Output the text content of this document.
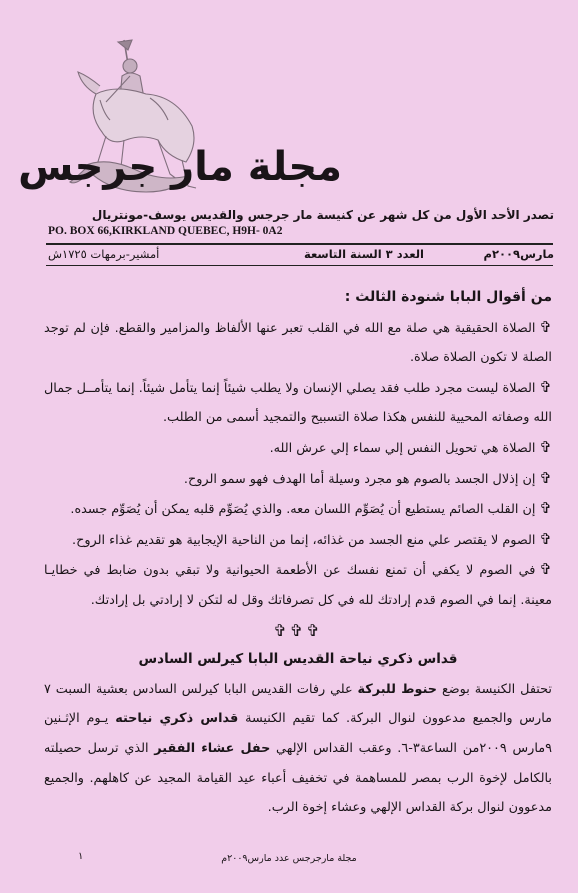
مجلة مار جرجس
تصدر الأحد الأول من كل شهر عن كنيسة مار جرجس والقديس يوسف-مونتريال
PO. BOX 66,KIRKLAND QUEBEC, H9H- 0A2
مارس٢٠٠٩م
العدد ٣ السنة التاسعة
أمشير-برمهات ١٧٢٥ش

من أقوال البابا شنودة الثالث :

✞الصلاة الحقيقية هي صلة مع الله في القلب تعبر عنها الألفاظ والمزامير والقطع. فإن لم توجد الصلة لا تكون الصلاة صلاة.

✞الصلاة ليست مجرد طلب فقد يصلي الإنسان ولا يطلب شيئاً إنما يتأمل شيئاً. إنما يتأمــل جمال الله وصفاته المحيية للنفس هكذا صلاة التسبيح والتمجيد أسمى من الطلب.

✞الصلاة هي تحويل النفس إلي سماء إلي عرش الله.

✞إن إذلال الجسد بالصوم هو مجرد وسيلة أما الهدف فهو سمو الروح.

✞إن القلب الصائم يستطيع أن يُصَوِّم اللسان معه. والذي يُصَوِّم قلبه يمكن أن يُصَوِّم جسده.

✞الصوم لا يقتصر علي منع الجسد من غذائه، إنما من الناحية الإيجابية هو تقديم غذاء الروح.

✞في الصوم لا يكفي أن تمنع نفسك عن الأطعمة الحيوانية ولا تبقي بدون ضابط في خطايـا معينة. إنما في الصوم قدم إرادتك لله في كل تصرفاتك وقل له لتكن لا إرادتي بل إرادتك.

✞✞✞

قداس ذكري نياحة القديس البابا كيرلس السادس

تحتفل الكنيسة بوضع حنوط للبركة علي رفات القديس البابا كيرلس السادس بعشية السبت ٧ مارس والجميع مدعوون لنوال البركة. كما تقيم الكنيسة قداس ذكري نياحته يـوم الإثـنين ٩مارس ٢٠٠٩من الساعة٣-٦. وعقب القداس الإلهي حفل عشاء الفقير الذي ترسل حصيلته بالكامل لإخوة الرب بمصر للمساهمة في تخفيف أعباء عيد القيامة المجيد عن كاهلهم. والجميع مدعوون لنوال بركة القداس الإلهي وعشاء إخوة الرب.

مجلة مارجرجس عدد مارس٢٠٠٩م
١
